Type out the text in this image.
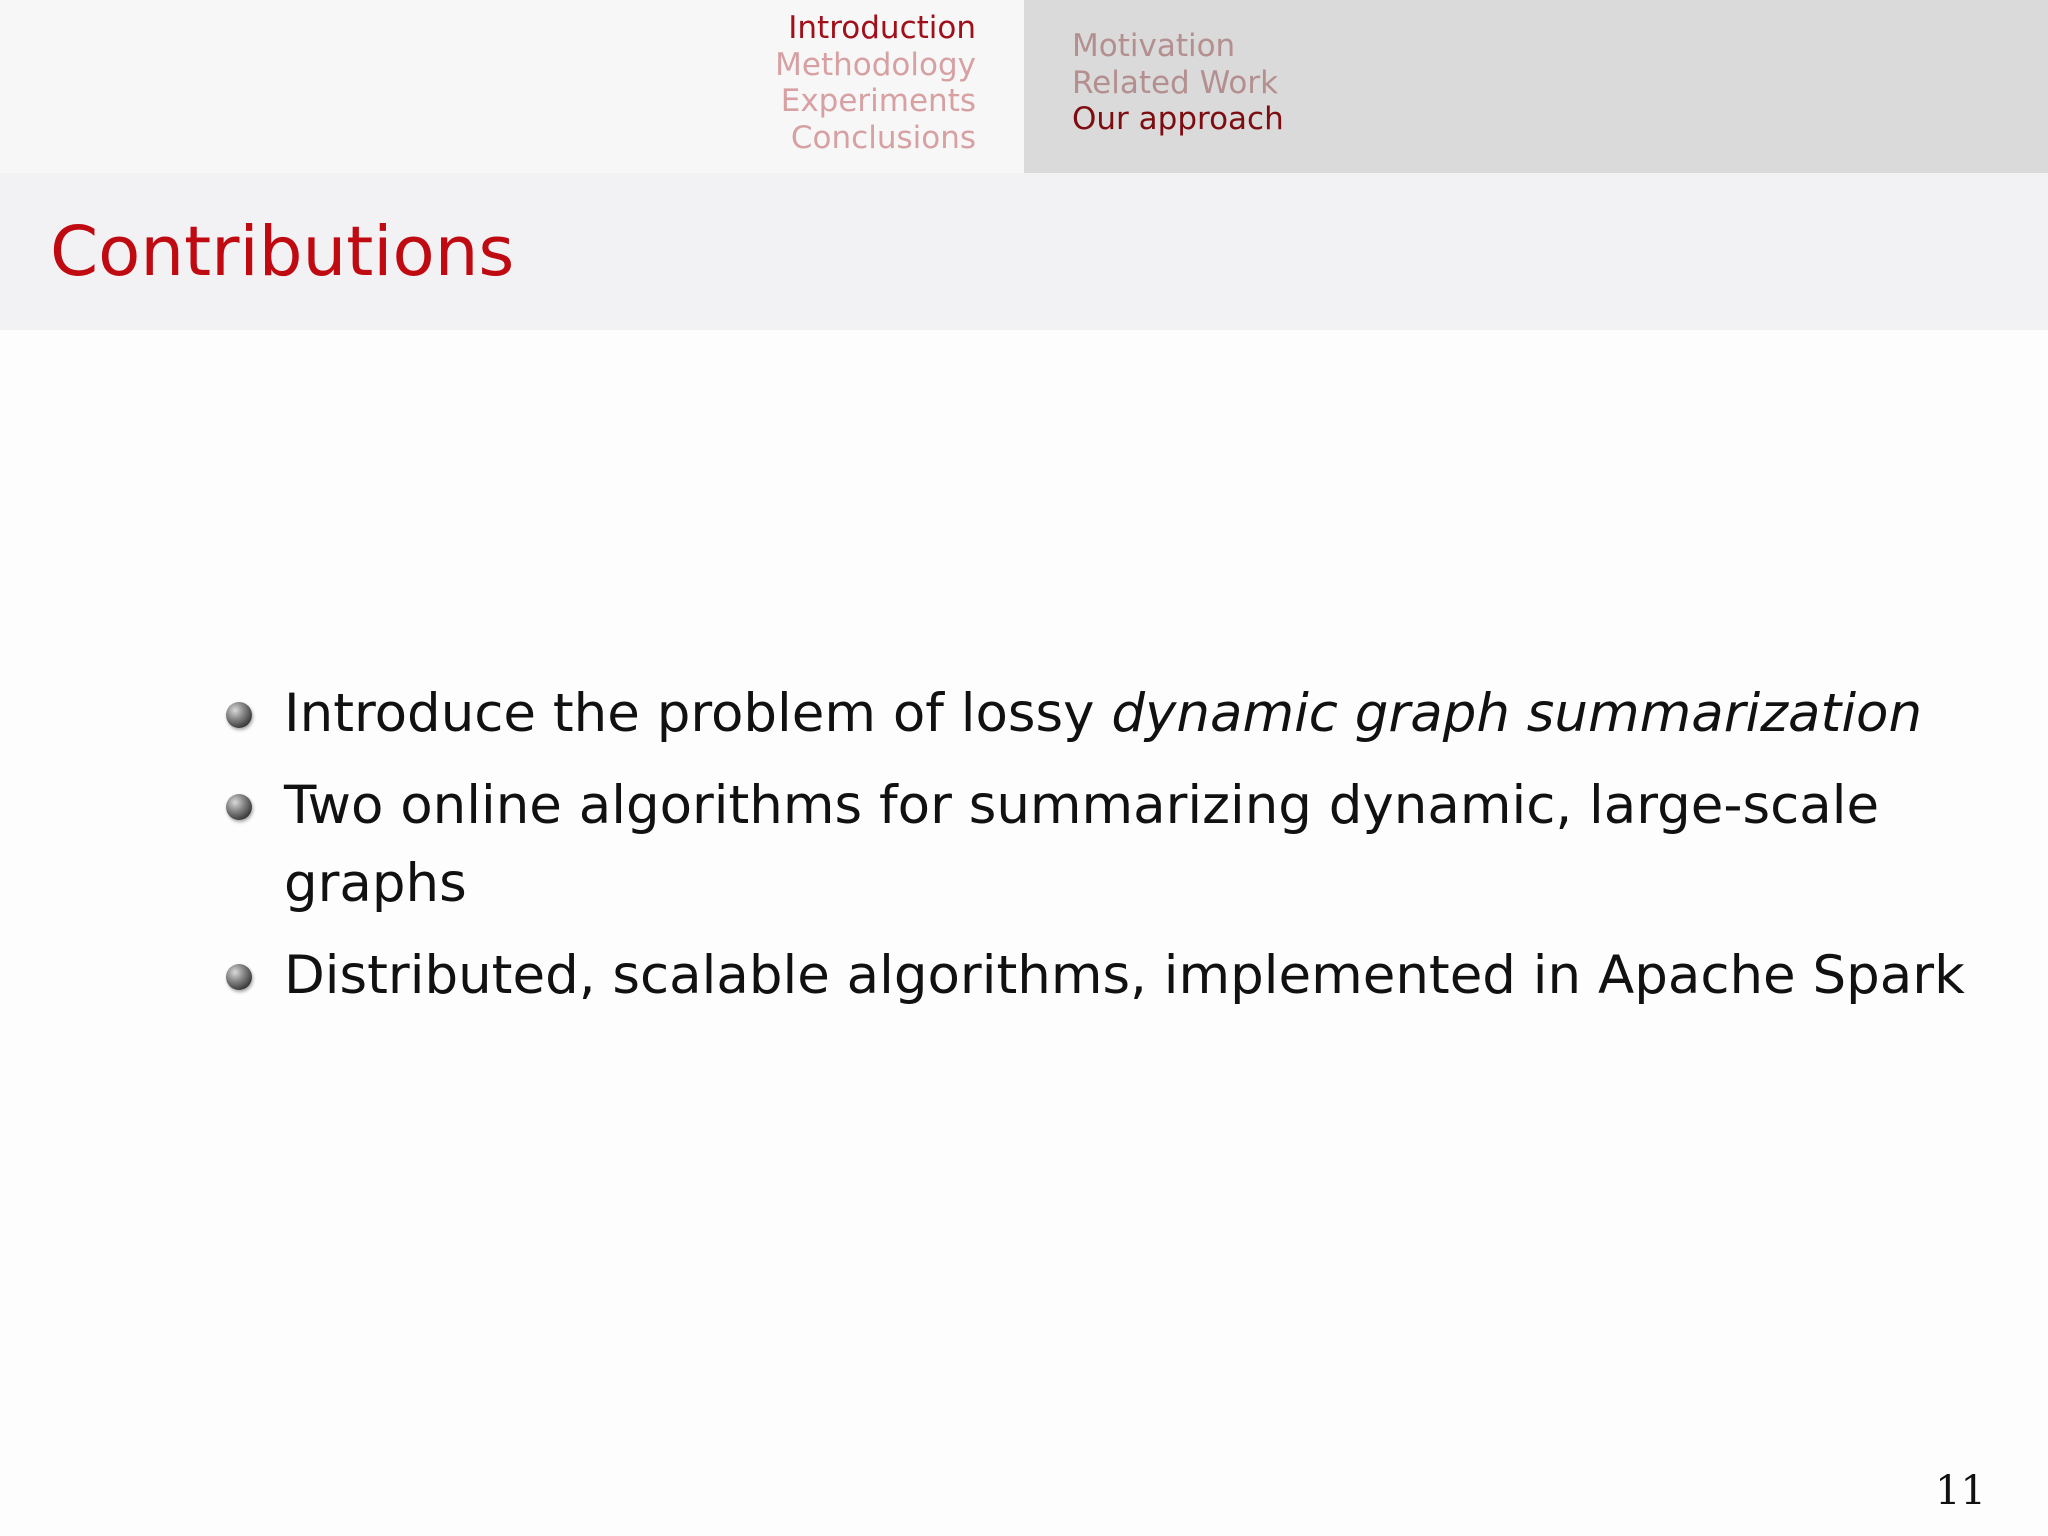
Introduction
Methodology
Experiments
Conclusions
Motivation
Related Work
Our approach
Contributions
Introduce the problem of lossy dynamic graph summarization
Two online algorithms for summarizing dynamic, large-scale graphs
Distributed, scalable algorithms, implemented in Apache Spark
11
